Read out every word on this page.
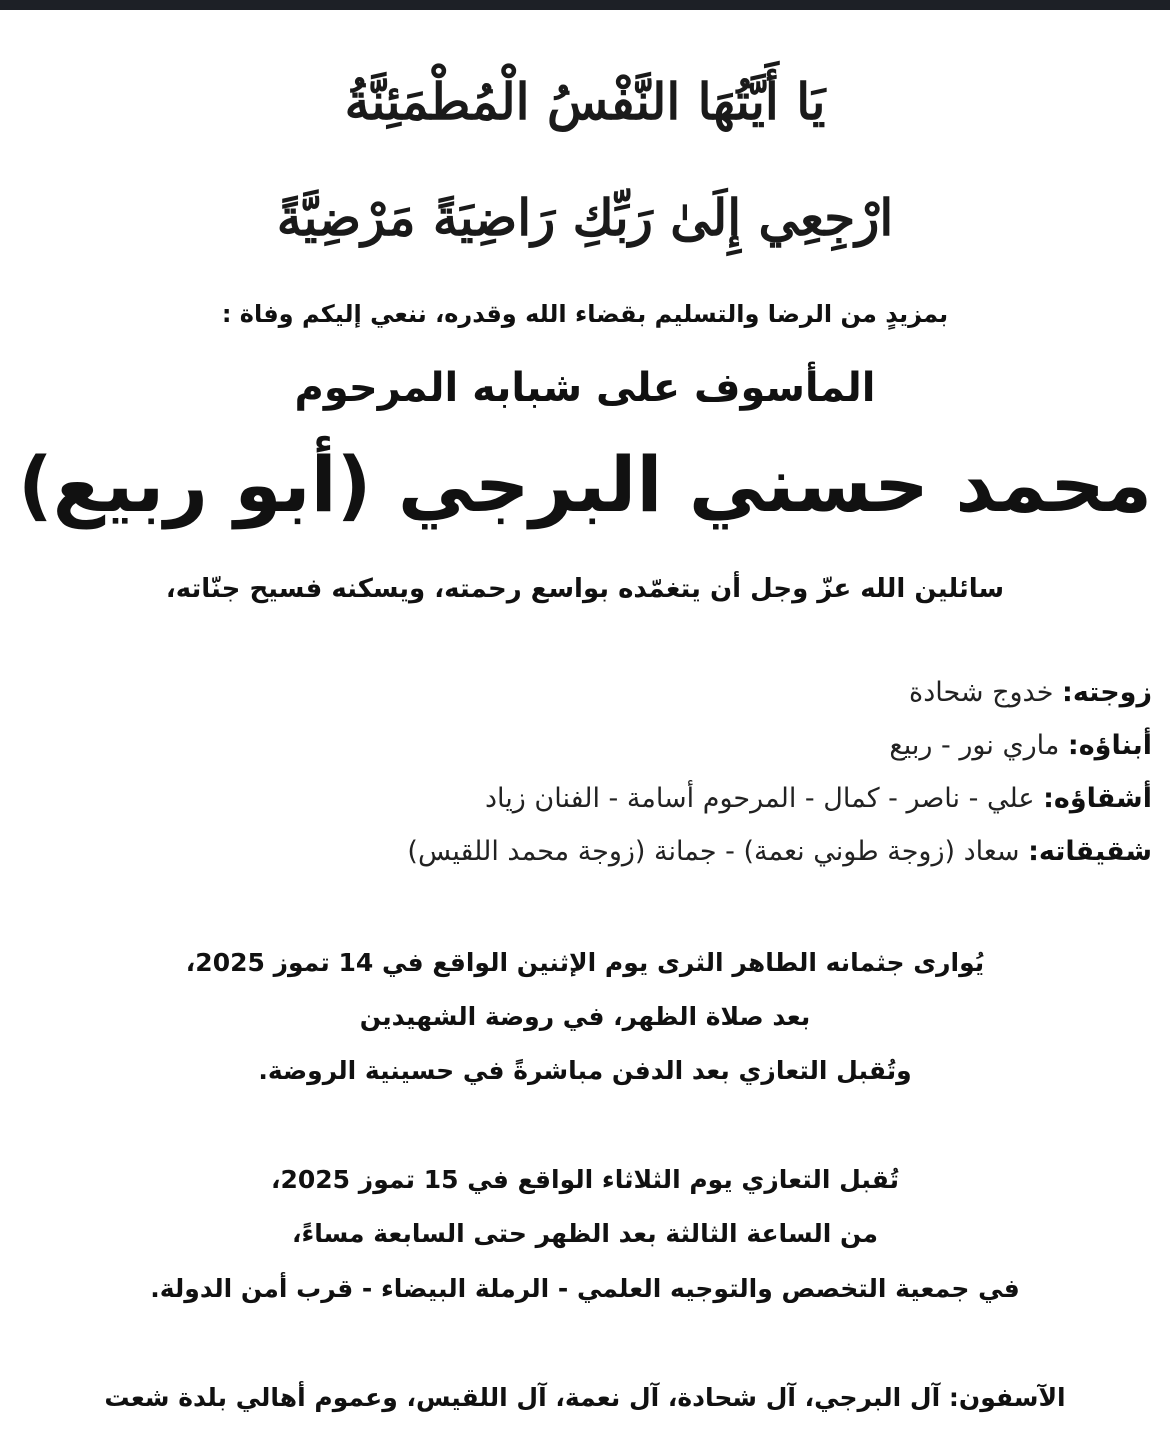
يَا أَيَّتُهَا النَّفْسُ الْمُطْمَئِنَّةُ
ارْجِعِي إِلَىٰ رَبِّكِ رَاضِيَةً مَرْضِيَّةً
بمزيدٍ من الرضا والتسليم بقضاء الله وقدره، ننعي إليكم وفاة :
المأسوف على شبابه المرحوم
محمد حسني البرجي (أبو ربيع)
سائلين الله عزّ وجل أن يتغمّده بواسع رحمته، ويسكنه فسيح جنّاته،
زوجته: خدوج شحادة
أبناؤه: ماري نور - ربيع
أشقاؤه: علي - ناصر - كمال - المرحوم أسامة - الفنان زياد
شقيقاته: سعاد (زوجة طوني نعمة) - جمانة (زوجة محمد اللقيس)
يُوارى جثمانه الطاهر الثرى يوم الإثنين الواقع في 14 تموز 2025،
بعد صلاة الظهر، في روضة الشهيدين
وتُقبل التعازي بعد الدفن مباشرةً في حسينية الروضة.
تُقبل التعازي يوم الثلاثاء الواقع في 15 تموز 2025،
من الساعة الثالثة بعد الظهر حتى السابعة مساءً،
في جمعية التخصص والتوجيه العلمي - الرملة البيضاء - قرب أمن الدولة.
الآسفون: آل البرجي، آل شحادة، آل نعمة، آل اللقيس، وعموم أهالي بلدة شعت
